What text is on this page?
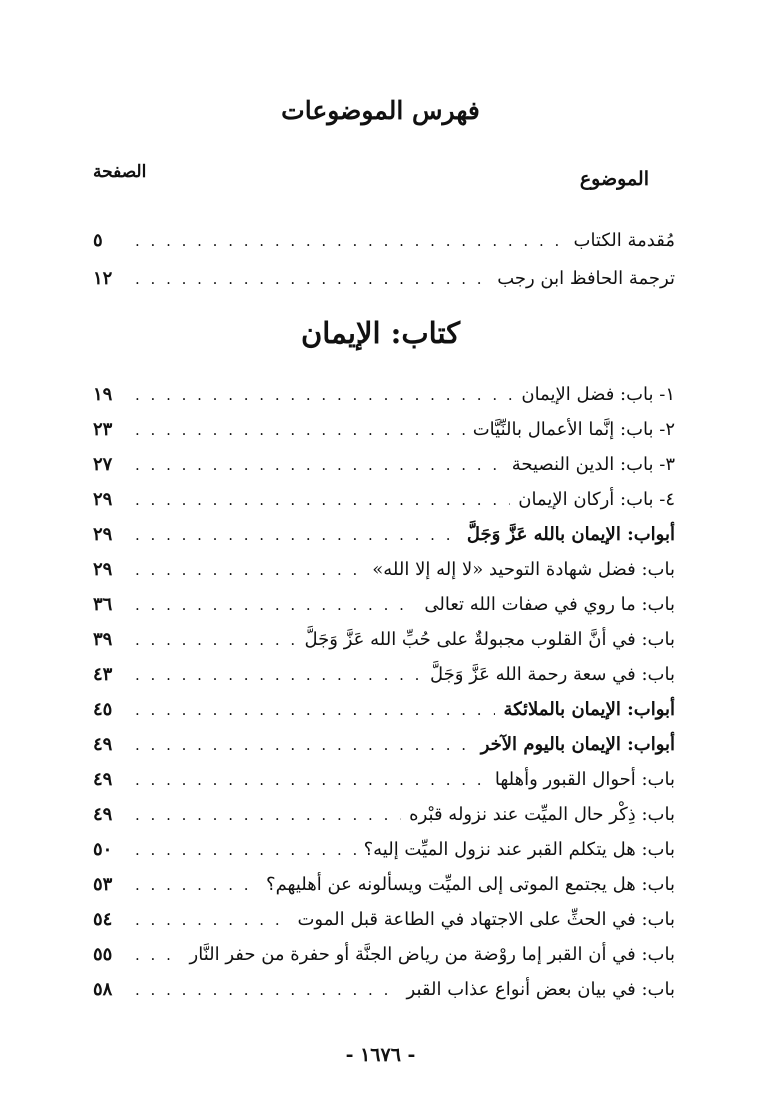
فهرس الموضوعات
الموضوع
الصفحة
مُقدمة الكتاب
. . .
٥
ترجمة الحافظ ابن رجب
. . .
١٢
كتاب: الإيمان
١- باب: فضل الإيمان
. . .
١٩
٢- باب: إنَّما الأعمال بالنِّيَّات
. . .
٢٣
٣- باب: الدين النصيحة
. . .
٢٧
٤- باب: أركان الإيمان
. . .
٢٩
أبواب: الإيمان بالله عَزَّ وَجَلَّ
. . .
٢٩
باب: فضل شهادة التوحيد «لا إله إلا الله»
. . .
٢٩
باب: ما روي في صفات الله تعالى
. . .
٣٦
باب: في أنَّ القلوب مجبولةٌ على حُبِّ الله عَزَّ وَجَلَّ
. . .
٣٩
باب: في سعة رحمة الله عَزَّ وَجَلَّ
. . .
٤٣
أبواب: الإيمان بالملائكة
. . .
٤٥
أبواب: الإيمان باليوم الآخر
. . .
٤٩
باب: أحوال القبور وأهلها
. . .
٤٩
باب: ذِكْر حال الميِّت عند نزوله قبْره
. . .
٤٩
باب: هل يتكلم القبر عند نزول الميِّت إليه؟
. . .
٥٠
باب: هل يجتمع الموتى إلى الميِّت ويسألونه عن أهليهم؟
. . .
٥٣
باب: في الحثِّ على الاجتهاد في الطاعة قبل الموت
. . .
٥٤
باب: في أن القبر إما روْضة من رياض الجنَّة أو حفرة من حفر النَّار
. . .
٥٥
باب: في بيان بعض أنواع عذاب القبر
. . .
٥٨
- ١٦٧٦ -
